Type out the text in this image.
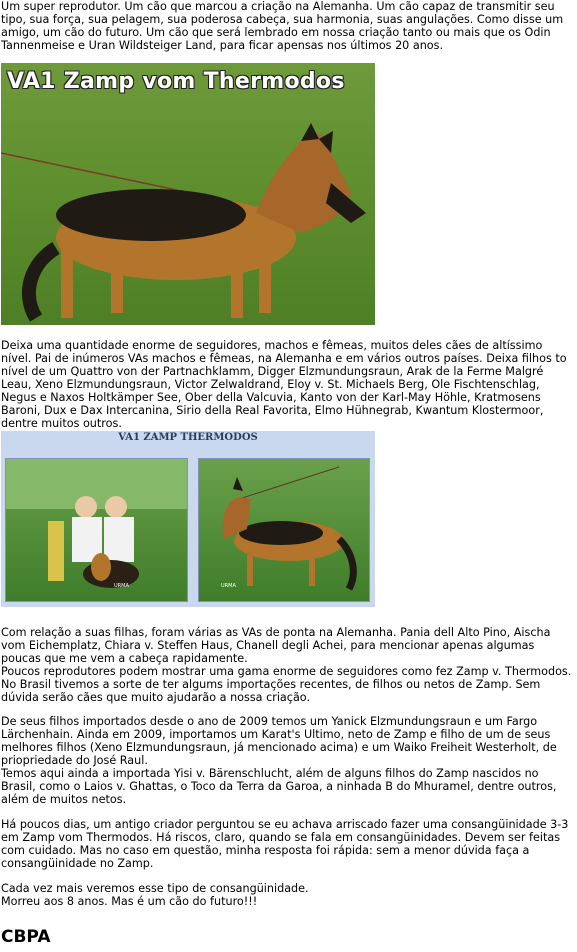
Um super reprodutor. Um cão que marcou a criação na Alemanha. Um cão capaz de transmitir seu tipo, sua força, sua pelagem, sua poderosa cabeça, sua harmonia, suas angulações. Como disse um amigo, um cão do futuro. Um cão que será lembrado em nossa criação tanto ou mais que os Odin Tannenmeise e Uran Wildsteiger Land, para ficar apensas nos últimos 20 anos.

VA1 Zamp vom Thermodos

Deixa uma quantidade enorme de seguidores, machos e fêmeas, muitos deles cães de altíssimo nível. Pai de inúmeros VAs machos e fêmeas, na Alemanha e em vários outros países. Deixa filhos to nível de um Quattro von der Partnachklamm, Digger Elzmundungsraun, Arak de la Ferme Malgré Leau, Xeno Elzmundungsraun, Victor Zelwaldrand, Eloy v. St. Michaels Berg, Ole Fischtenschlag, Negus e Naxos Holtkämper See, Ober della Valcuvia, Kanto von der Karl-May Höhle, Kratmosens Baroni, Dux e Dax Intercanina, Sirio della Real Favorita, Elmo Hühnegrab, Kwantum Klostermoor, dentre muitos outros.

VA1 ZAMP THERMODOS
URMA	URMA

Com relação a suas filhas, foram várias as VAs de ponta na Alemanha. Pania dell Alto Pino, Aischa vom Eichemplatz, Chiara v. Steffen Haus, Chanell degli Achei, para mencionar apenas algumas poucas que me vem a cabeça rapidamente.

Poucos reprodutores podem mostrar uma gama enorme de seguidores como fez Zamp v. Thermodos.

No Brasil tivemos a sorte de ter algums importações recentes, de filhos ou netos de Zamp. Sem dúvida serão cães que muito ajudarão a nossa criação.

De seus filhos importados desde o ano de 2009 temos um Yanick Elzmundungsraun e um Fargo Lärchenhain. Ainda em 2009, importamos um Karat's Ultimo, neto de Zamp e filho de um de seus melhores filhos (Xeno Elzmundungsraun, já mencionado acima) e um Waiko Freiheit Westerholt, de priopriedade do José Raul.

Temos aqui ainda a importada Yisi v. Bärenschlucht, além de alguns filhos do Zamp nascidos no Brasil, como o Laios v. Ghattas, o Toco da Terra da Garoa, a ninhada B do Mhuramel, dentre outros, além de muitos netos.

Há poucos dias, um antigo criador perguntou se eu achava arriscado fazer uma consangüinidade 3-3 em Zamp vom Thermodos. Há riscos, claro, quando se fala em consangüinidades. Devem ser feitas com cuidado. Mas no caso em questão, minha resposta foi rápida: sem a menor dúvida faça a consangüinidade no Zamp.

Cada vez mais veremos esse tipo de consangüinidade.

Morreu aos 8 anos. Mas é um cão do futuro!!!

CBPA
